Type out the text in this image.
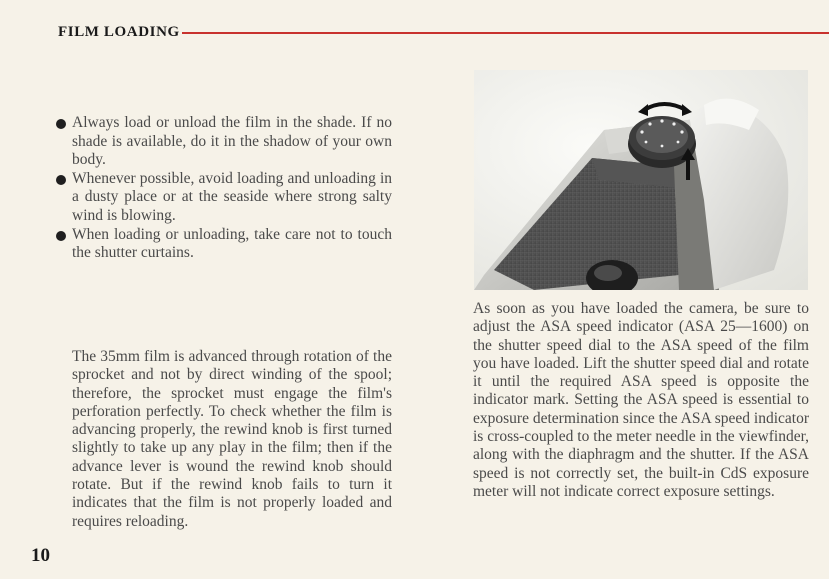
FILM LOADING
Always load or unload the film in the shade. If no shade is available, do it in the shadow of your own body.
Whenever possible, avoid loading and unloading in a dusty place or at the seaside where strong salty wind is blowing.
When loading or unloading, take care not to touch the shutter curtains.

The 35mm film is advanced through rotation of the sprocket and not by direct winding of the spool; therefore, the sprocket must engage the film's perforation perfectly. To check whether the film is advancing properly, the rewind knob is first turned slightly to take up any play in the film; then if the advance lever is wound the rewind knob should rotate. But if the rewind knob fails to turn it indicates that the film is not properly loaded and requires reloading.

10

As soon as you have loaded the camera, be sure to adjust the ASA speed indicator (ASA 25—1600) on the shutter speed dial to the ASA speed of the film you have loaded. Lift the shutter speed dial and rotate it until the required ASA speed is opposite the indicator mark. Setting the ASA speed is essential to exposure determination since the ASA speed indicator is cross-coupled to the meter needle in the viewfinder, along with the diaphragm and the shutter. If the ASA speed is not correctly set, the built-in CdS exposure meter will not indicate correct exposure settings.
